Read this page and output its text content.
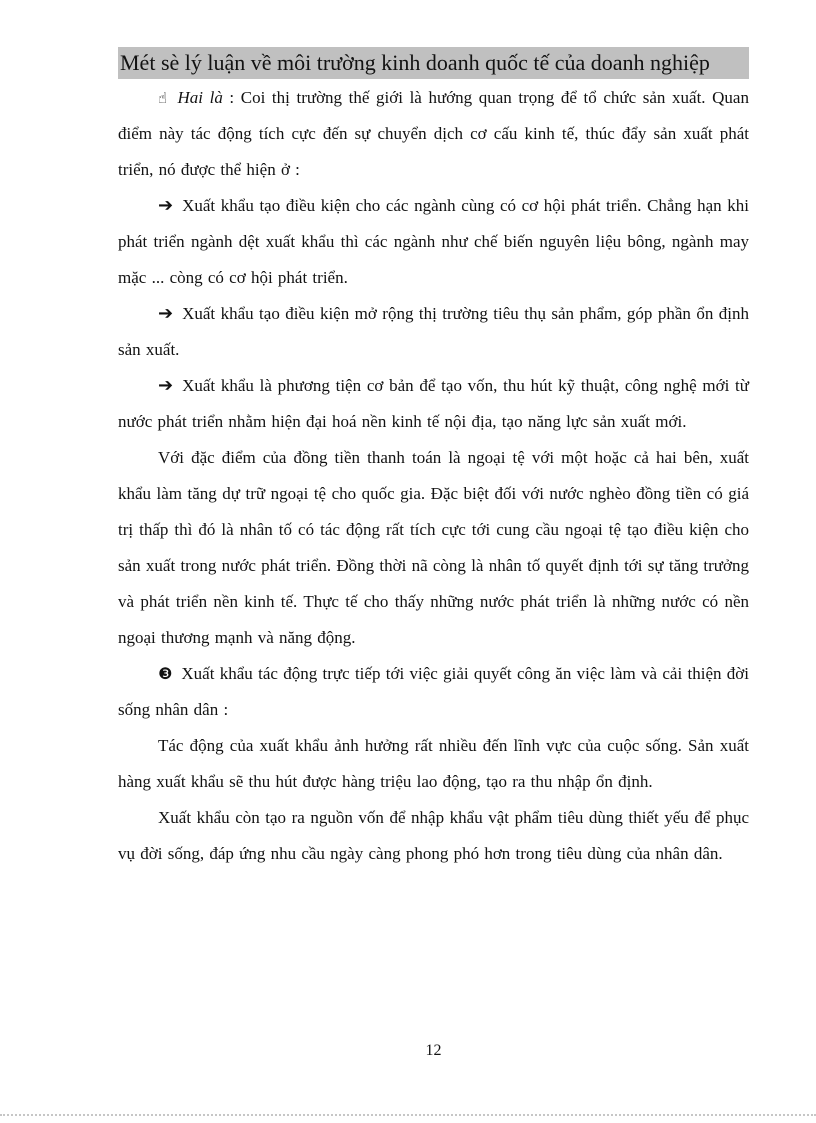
Mét sè lý luận về môi trường kinh doanh quốc tế của doanh nghiệp

☝ Hai là : Coi thị trường thế giới là hướng quan trọng để tổ chức sản xuất. Quan điểm này tác động tích cực đến sự chuyển dịch cơ cấu kinh tế, thúc đẩy sản xuất phát triển, nó được thể hiện ở :

➔ Xuất khẩu tạo điều kiện cho các ngành cùng có cơ hội phát triển. Chẳng hạn khi phát triển ngành dệt xuất khẩu thì các ngành như chế biến nguyên liệu bông, ngành may mặc ... còng có cơ hội phát triển.

➔ Xuất khẩu tạo điều kiện mở rộng thị trường tiêu thụ sản phẩm, góp phần ổn định sản xuất.

➔ Xuất khẩu là phương tiện cơ bản để tạo vốn, thu hút kỹ thuật, công nghệ mới từ nước phát triển nhằm hiện đại hoá nền kinh tế nội địa, tạo năng lực sản xuất mới.

Với đặc điểm của đồng tiền thanh toán là ngoại tệ với một hoặc cả hai bên, xuất khẩu làm tăng dự trữ ngoại tệ cho quốc gia. Đặc biệt đối với nước nghèo đồng tiền có giá trị thấp thì đó là nhân tố có tác động rất tích cực tới cung cầu ngoại tệ tạo điều kiện cho sản xuất trong nước phát triển. Đồng thời nã còng là nhân tố quyết định tới sự tăng trưởng và phát triển nền kinh tế. Thực tế cho thấy những nước phát triển là những nước có nền ngoại thương mạnh và năng động.

❸ Xuất khẩu tác động trực tiếp tới việc giải quyết công ăn việc làm và cải thiện đời sống nhân dân :

Tác động của xuất khẩu ảnh hưởng rất nhiều đến lĩnh vực của cuộc sống. Sản xuất hàng xuất khẩu sẽ thu hút được hàng triệu lao động, tạo ra thu nhập ổn định.

Xuất khẩu còn tạo ra nguồn vốn để nhập khẩu vật phẩm tiêu dùng thiết yếu để phục vụ đời sống, đáp ứng nhu cầu ngày càng phong phó hơn trong tiêu dùng của nhân dân.

12
